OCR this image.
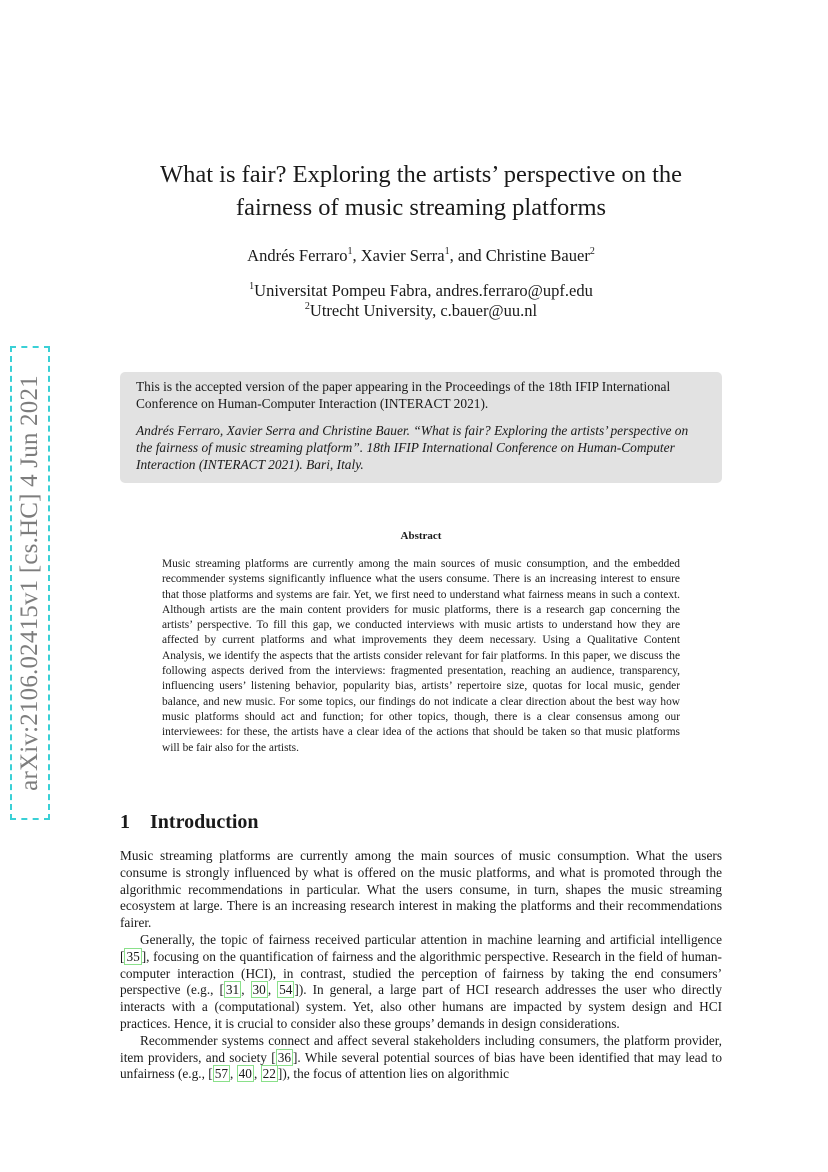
arXiv:2106.02415v1 [cs.HC] 4 Jun 2021
What is fair? Exploring the artists’ perspective on the fairness of music streaming platforms
Andrés Ferraro$^1$, Xavier Serra$^1$, and Christine Bauer$^2$
$^1$Universitat Pompeu Fabra, andres.ferraro@upf.edu
$^2$Utrecht University, c.bauer@uu.nl

This is the accepted version of the paper appearing in the Proceedings of the 18th IFIP International Conference on Human-Computer Interaction (INTERACT 2021).

Andrés Ferraro, Xavier Serra and Christine Bauer. “What is fair? Exploring the artists’ perspective on the fairness of music streaming platform”. 18th IFIP International Conference on Human-Computer Interaction (INTERACT 2021). Bari, Italy.

Abstract

Music streaming platforms are currently among the main sources of music consumption, and the embedded recommender systems significantly influence what the users consume. There is an increasing interest to ensure that those platforms and systems are fair. Yet, we first need to understand what fairness means in such a context. Although artists are the main content providers for music platforms, there is a research gap concerning the artists’ perspective. To fill this gap, we conducted interviews with music artists to understand how they are affected by current platforms and what improvements they deem necessary. Using a Qualitative Content Analysis, we identify the aspects that the artists consider relevant for fair platforms. In this paper, we discuss the following aspects derived from the interviews: fragmented presentation, reaching an audience, transparency, influencing users’ listening behavior, popularity bias, artists’ repertoire size, quotas for local music, gender balance, and new music. For some topics, our findings do not indicate a clear direction about the best way how music platforms should act and function; for other topics, though, there is a clear consensus among our interviewees: for these, the artists have a clear idea of the actions that should be taken so that music platforms will be fair also for the artists.

1 Introduction

Music streaming platforms are currently among the main sources of music consumption. What the users consume is strongly influenced by what is offered on the music platforms, and what is promoted through the algorithmic recommendations in particular. What the users consume, in turn, shapes the music streaming ecosystem at large. There is an increasing research interest in making the platforms and their recommendations fairer.

Generally, the topic of fairness received particular attention in machine learning and artificial intelligence [ 35 ], focusing on the quantification of fairness and the algorithmic perspective. Research in the field of human-computer interaction (HCI), in contrast, studied the perception of fairness by taking the end consumers’ perspective (e.g., [ 31 , 30 , 54 ]). In general, a large part of HCI research addresses the user who directly interacts with a (computational) system. Yet, also other humans are impacted by system design and HCI practices. Hence, it is crucial to consider also these groups’ demands in design considerations.

Recommender systems connect and affect several stakeholders including consumers, the platform provider, item providers, and society [ 36 ]. While several potential sources of bias have been identified that may lead to unfairness (e.g., [ 57 , 40 , 22 ]), the focus of attention lies on algorithmic
